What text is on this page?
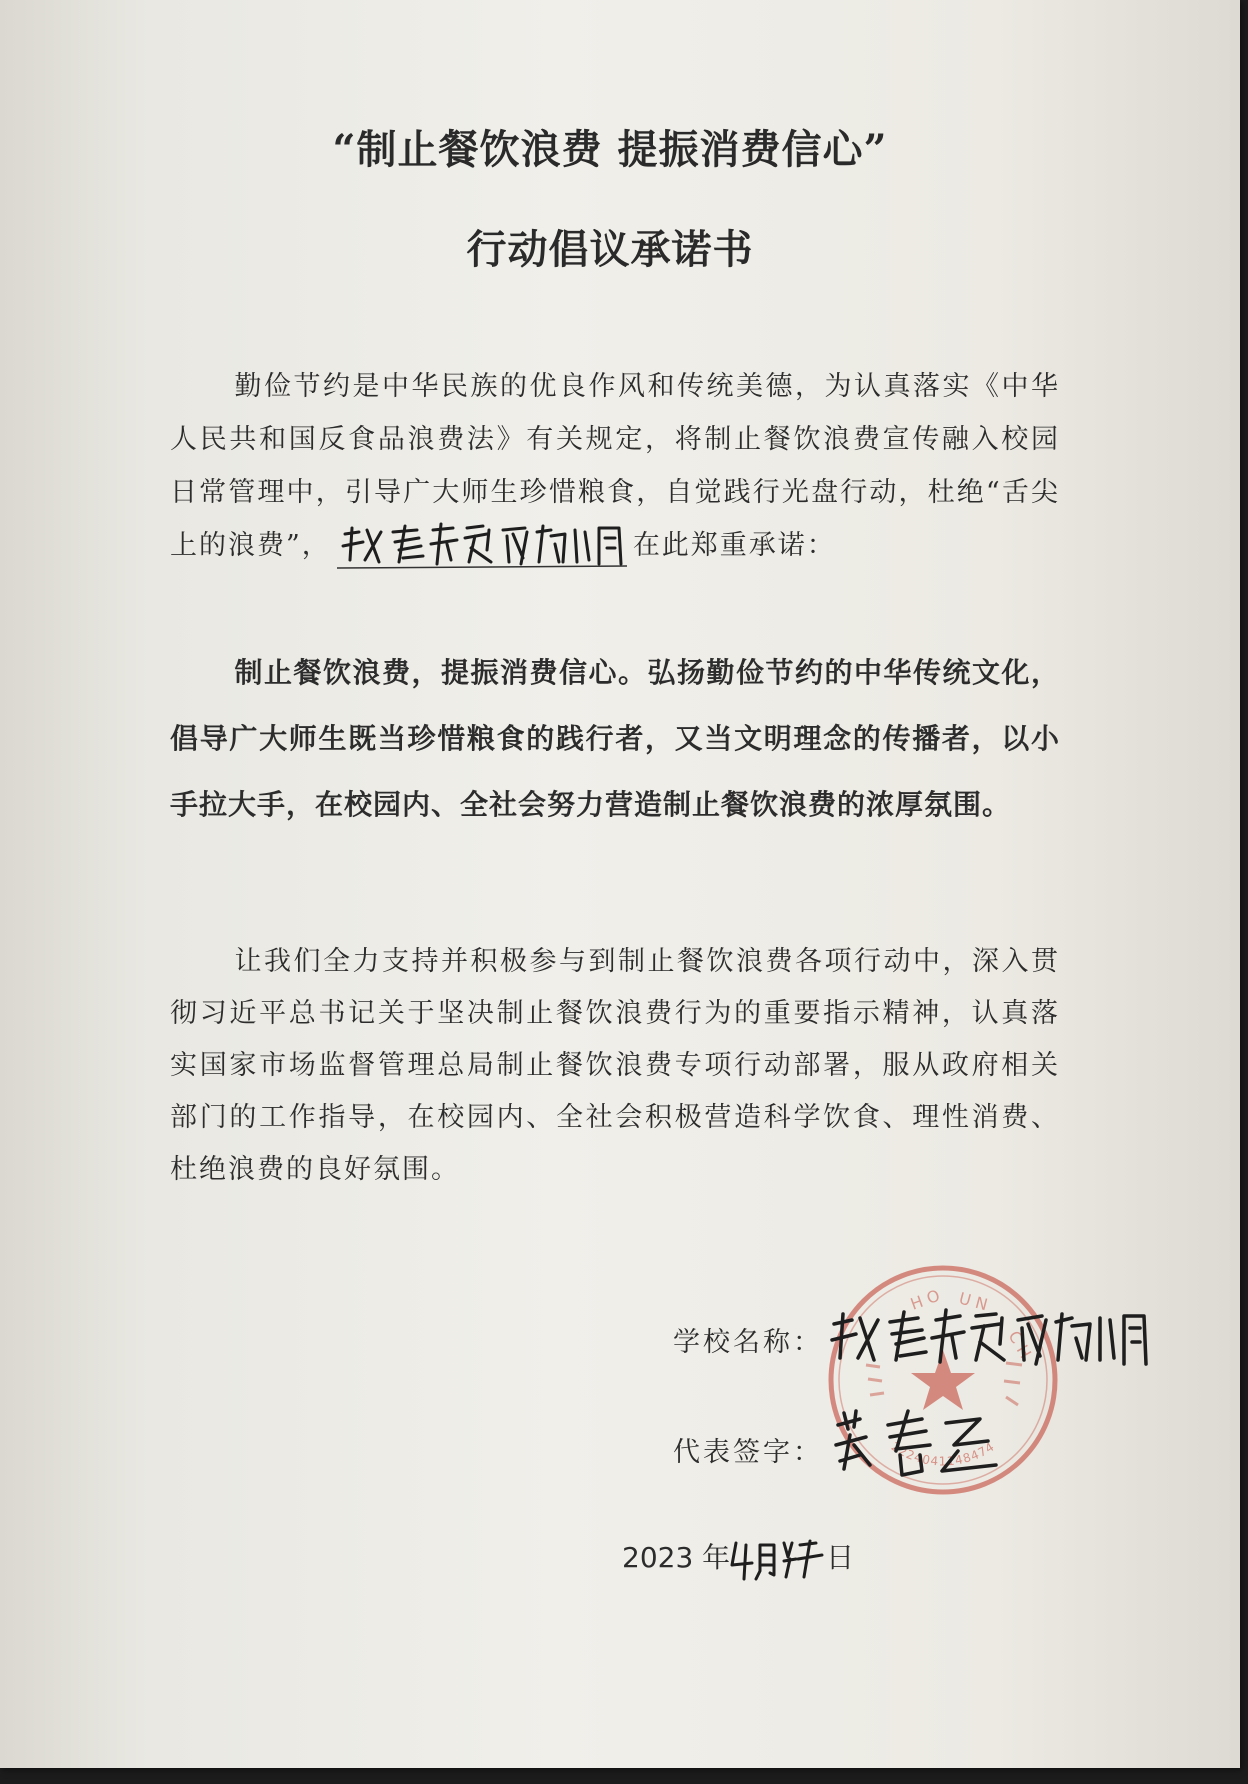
“制止餐饮浪费 提振消费信心”
行动倡议承诺书
勤俭节约是中华民族的优良作风和传统美德，为认真落实《中华人民共和国反食品浪费法》有关规定，将制止餐饮浪费宣传融入校园日常管理中，引导广大师生珍惜粮食，自觉践行光盘行动，杜绝“舌尖上的浪费”，	在此郑重承诺：
制止餐饮浪费，提振消费信心。弘扬勤俭节约的中华传统文化，倡导广大师生既当珍惜粮食的践行者，又当文明理念的传播者，以小手拉大手，在校园内、全社会努力营造制止餐饮浪费的浓厚氛围。
让我们全力支持并积极参与到制止餐饮浪费各项行动中，深入贯彻习近平总书记关于坚决制止餐饮浪费行为的重要指示精神，认真落实国家市场监督管理总局制止餐饮浪费专项行动部署，服从政府相关部门的工作指导，在校园内、全社会积极营造科学饮食、理性消费、杜绝浪费的良好氛围。
H O U N
C H
2224041148474
学校名称：
代表签字：
2023 年	日
